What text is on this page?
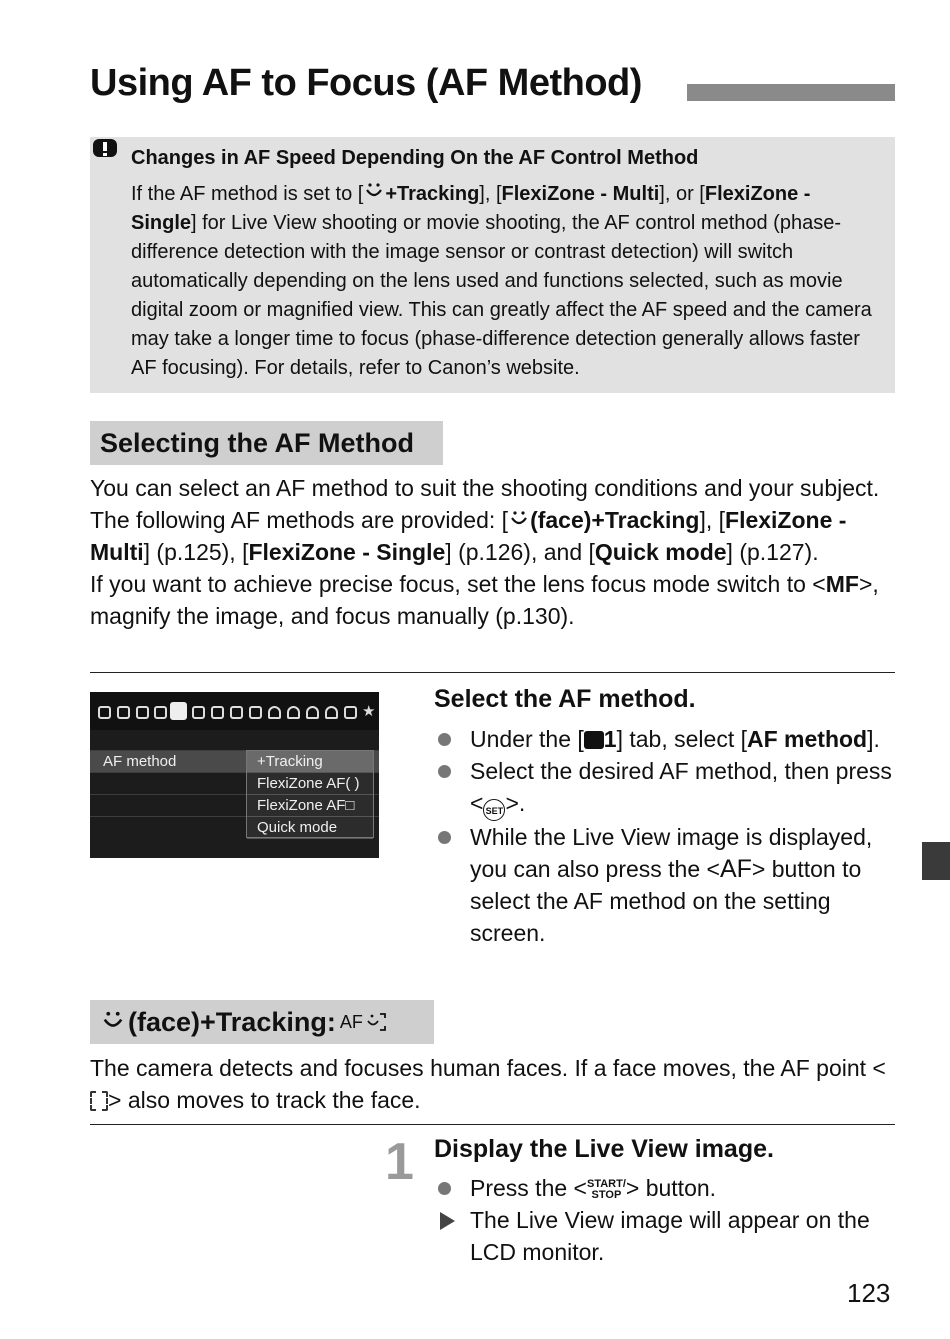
Using AF to Focus (AF Method)
Changes in AF Speed Depending On the AF Control Method
If the AF method is set to [ +Tracking], [FlexiZone - Multi], or [FlexiZone - Single] for Live View shooting or movie shooting, the AF control method (phase-difference detection with the image sensor or contrast detection) will switch automatically depending on the lens used and functions selected, such as movie digital zoom or magnified view. This can greatly affect the AF speed and the camera may take a longer time to focus (phase-difference detection generally allows faster AF focusing). For details, refer to Canon’s website.
Selecting the AF Method
You can select an AF method to suit the shooting conditions and your subject. The following AF methods are provided: [ (face)+Tracking], [FlexiZone - Multi] (p.125), [FlexiZone - Single] (p.126), and [Quick mode] (p.127).
If you want to achieve precise focus, set the lens focus mode switch to <MF>, magnify the image, and focus manually (p.130).
★
AF method	+Tracking
FlexiZone AF( )
FlexiZone AF□
Quick mode
Select the AF method.
Under the [ 1] tab, select [AF method].
Select the desired AF method, then press < SET>.
While the Live View image is displayed, you can also press the <AF> button to select the AF method on the setting screen.
(face)+Tracking: AF
The camera detects and focuses human faces. If a face moves, the AF point <> also moves to track the face.
1 Display the Live View image.
Press the <START/
STOP > button.
The Live View image will appear on the LCD monitor.
123
